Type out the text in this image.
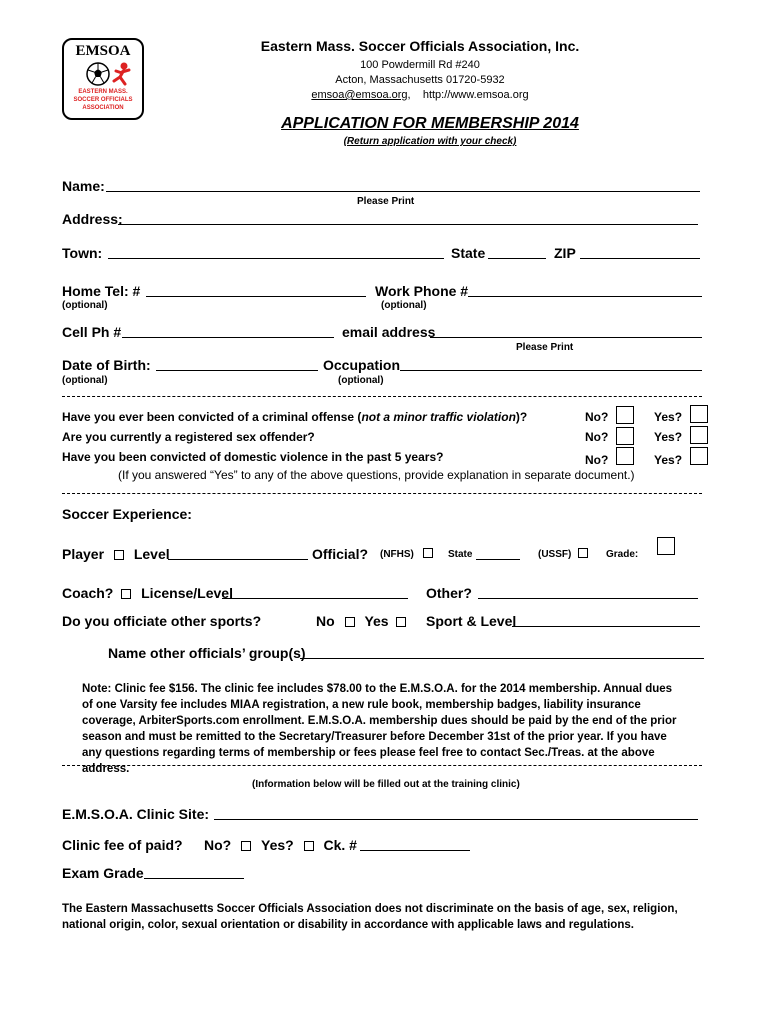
EMSOA
EASTERN MASS.
SOCCER OFFICIALS
ASSOCIATION
Eastern Mass. Soccer Officials Association, Inc.
100 Powdermill Rd #240
Acton, Massachusetts 01720-5932
emsoa@emsoa.org, http://www.emsoa.org
APPLICATION FOR MEMBERSHIP 2014
(Return application with your check)
Name:
Please Print
Address:
Town:	State	ZIP
Home Tel: #	Work Phone #
(optional)	(optional)
Cell Ph #	email address
Please Print
Date of Birth:	Occupation
(optional)	(optional)
Have you ever been convicted of a criminal offense (not a minor traffic violation)?	No?	Yes?
Are you currently a registered sex offender?	No?	Yes?
Have you been convicted of domestic violence in the past 5 years?	No?	Yes?
(If you answered “Yes” to any of the above questions, provide explanation in separate document.)
Soccer Experience:
Player Level	Official? (NFHS)	State	(USSF)	Grade:
Coach? License/Level	Other?
Do you officiate other sports?	No Yes	Sport & Level
Name other officials’ group(s)
Note: Clinic fee $156. The clinic fee includes $78.00 to the E.M.S.O.A. for the 2014 membership. Annual dues of one Varsity fee includes MIAA registration, a new rule book, membership badges, liability insurance coverage, ArbiterSports.com enrollment. E.M.S.O.A. membership dues should be paid by the end of the prior season and must be remitted to the Secretary/Treasurer before December 31st of the prior year. If you have any questions regarding terms of membership or fees please feel free to contact Sec./Treas. at the above address.
(Information below will be filled out at the training clinic)
E.M.S.O.A. Clinic Site:
Clinic fee of paid? No? Yes? Ck. #
Exam Grade
The Eastern Massachusetts Soccer Officials Association does not discriminate on the basis of age, sex, religion, national origin, color, sexual orientation or disability in accordance with applicable laws and regulations.
